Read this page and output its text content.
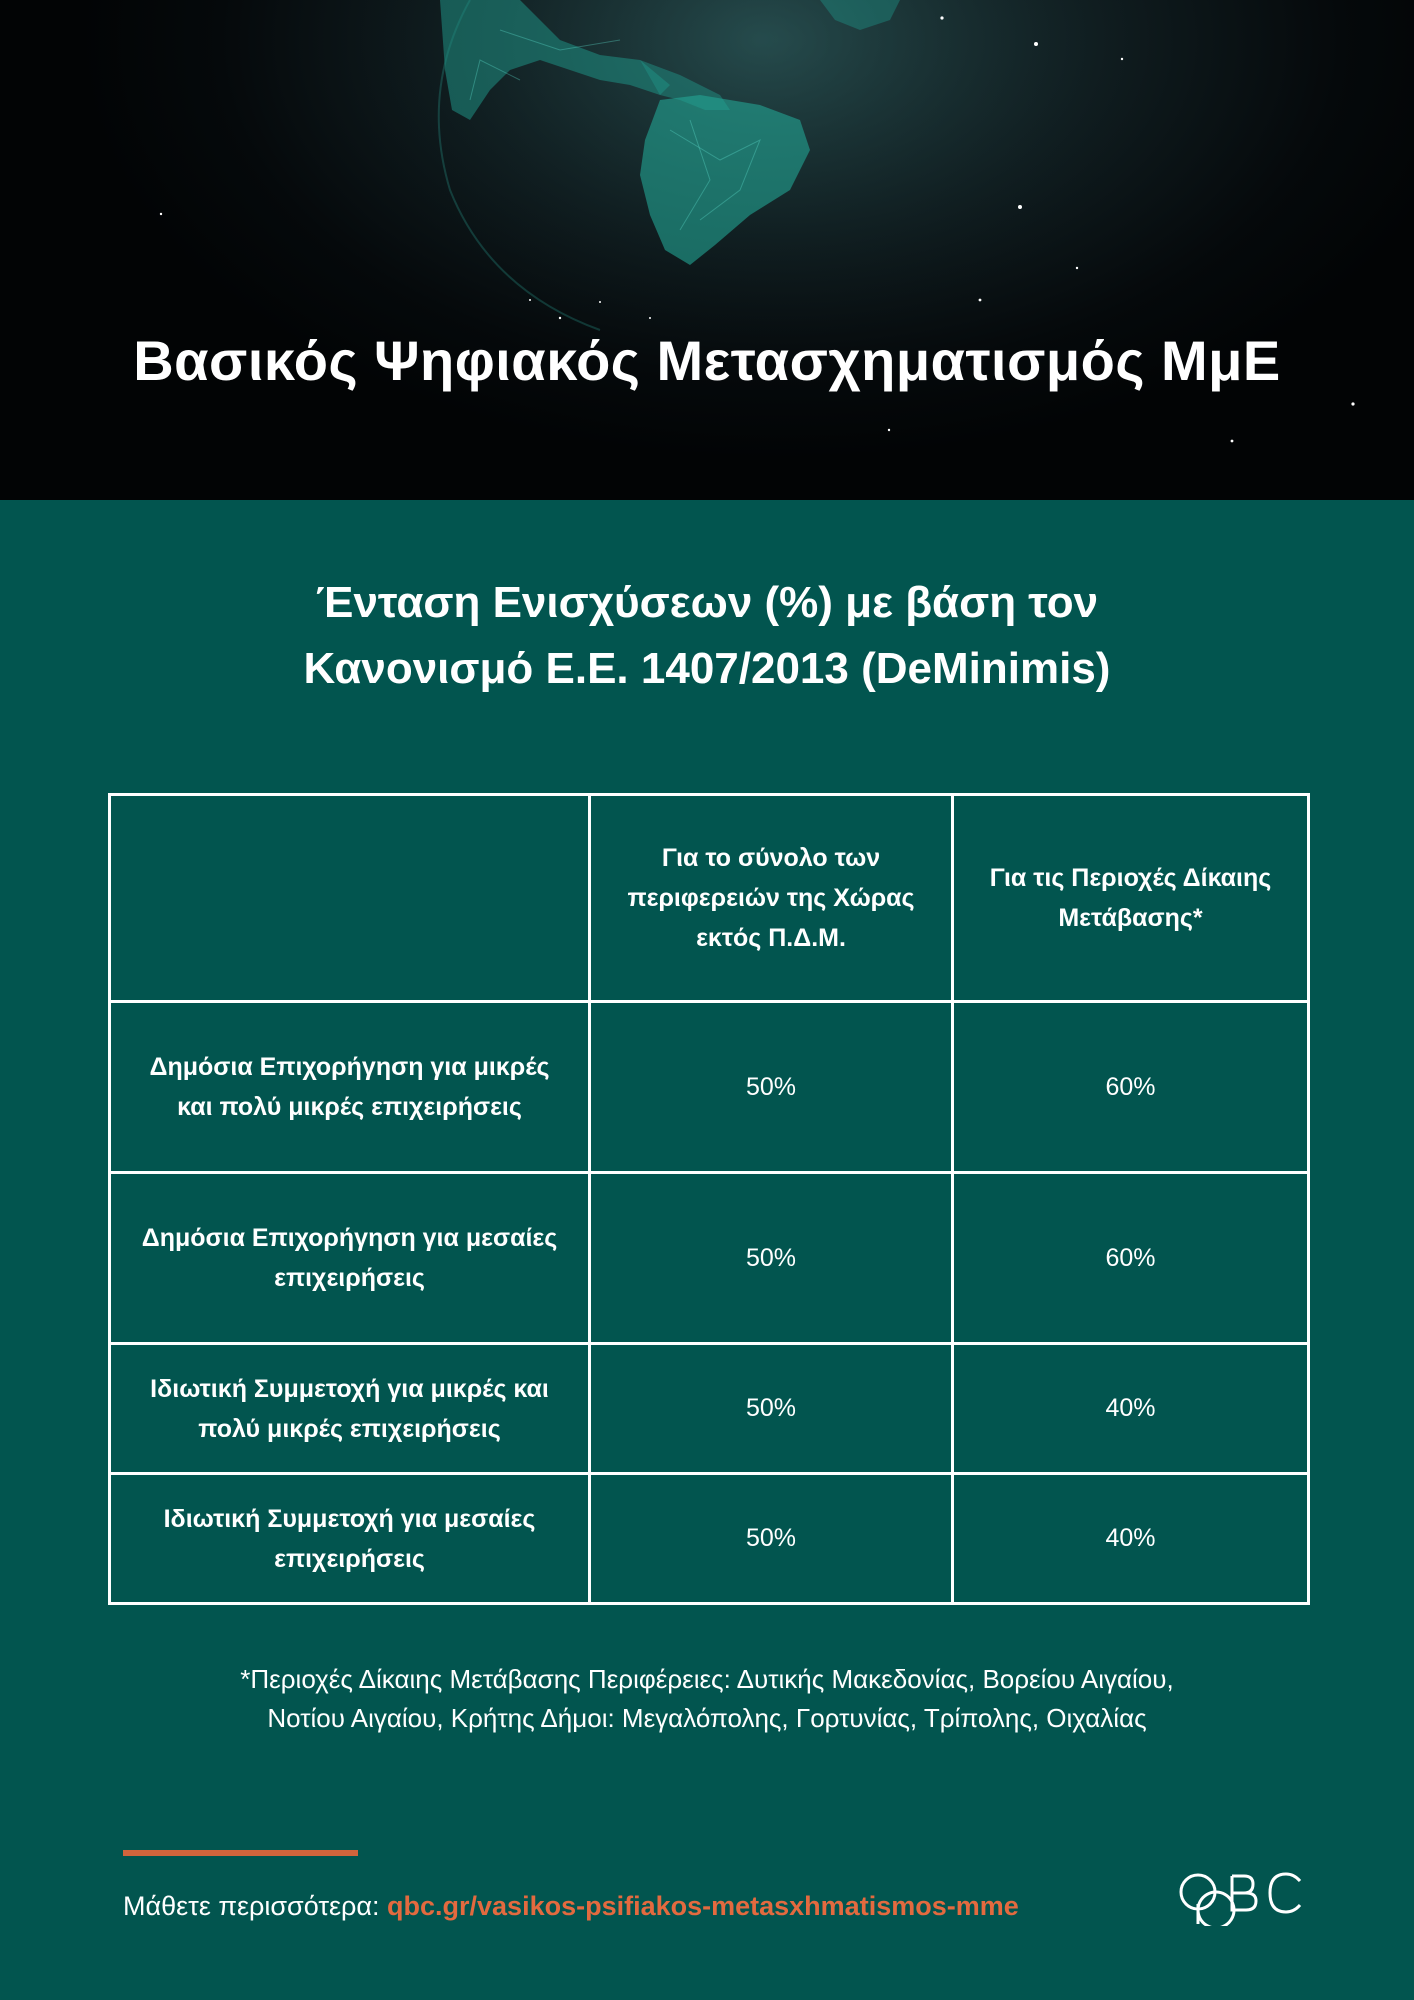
Βασικός Ψηφιακός Μετασχηματισμός ΜμΕ
Ένταση Ενισχύσεων (%) με βάση τον
Κανονισμό Ε.Ε. 1407/2013 (DeMinimis)
	Για το σύνολο των περιφερειών της Χώρας εκτός Π.Δ.Μ.	Για τις Περιοχές Δίκαιης Μετάβασης*
Δημόσια Επιχορήγηση για μικρές και πολύ μικρές επιχειρήσεις	50%	60%
Δημόσια Επιχορήγηση για μεσαίες επιχειρήσεις	50%	60%
Ιδιωτική Συμμετοχή για μικρές και πολύ μικρές επιχειρήσεις	50%	40%
Ιδιωτική Συμμετοχή για μεσαίες επιχειρήσεις	50%	40%
*Περιοχές Δίκαιης Μετάβασης Περιφέρειες: Δυτικής Μακεδονίας, Βορείου Αιγαίου,
Νοτίου Αιγαίου, Κρήτης Δήμοι: Μεγαλόπολης, Γορτυνίας, Τρίπολης, Οιχαλίας
Μάθετε περισσότερα: qbc.gr/vasikos-psifiakos-metasxhmatismos-mme
